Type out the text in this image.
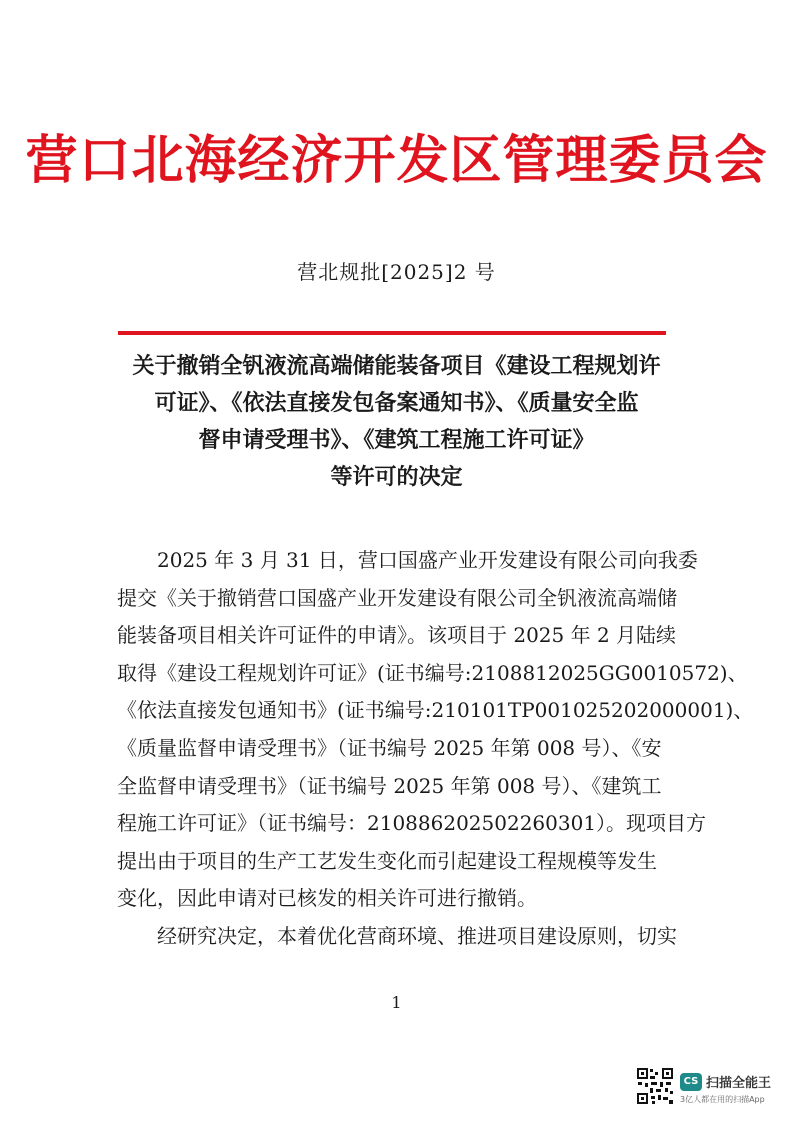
营口北海经济开发区管理委员会
营北规批[2025]2 号
关于撤销全钒液流高端储能装备项目《建设工程规划许
可证》、《依法直接发包备案通知书》、《质量安全监
督申请受理书》、《建筑工程施工许可证》
等许可的决定
2025 年 3 月 31 日，营口国盛产业开发建设有限公司向我委
提交《关于撤销营口国盛产业开发建设有限公司全钒液流高端储
能装备项目相关许可证件的申请》。该项目于 2025 年 2 月陆续
取得《建设工程规划许可证》(证书编号:2108812025GG0010572)、
《依法直接发包通知书》(证书编号:210101TP001025202000001)、
《质量监督申请受理书》（证书编号 2025 年第 008 号）、《安
全监督申请受理书》（证书编号 2025 年第 008 号）、《建筑工
程施工许可证》（证书编号：210886202502260301）。现项目方
提出由于项目的生产工艺发生变化而引起建设工程规模等发生
变化，因此申请对已核发的相关许可进行撤销。
经研究决定，本着优化营商环境、推进项目建设原则，切实
1
CS 扫描全能王
3亿人都在用的扫描App
